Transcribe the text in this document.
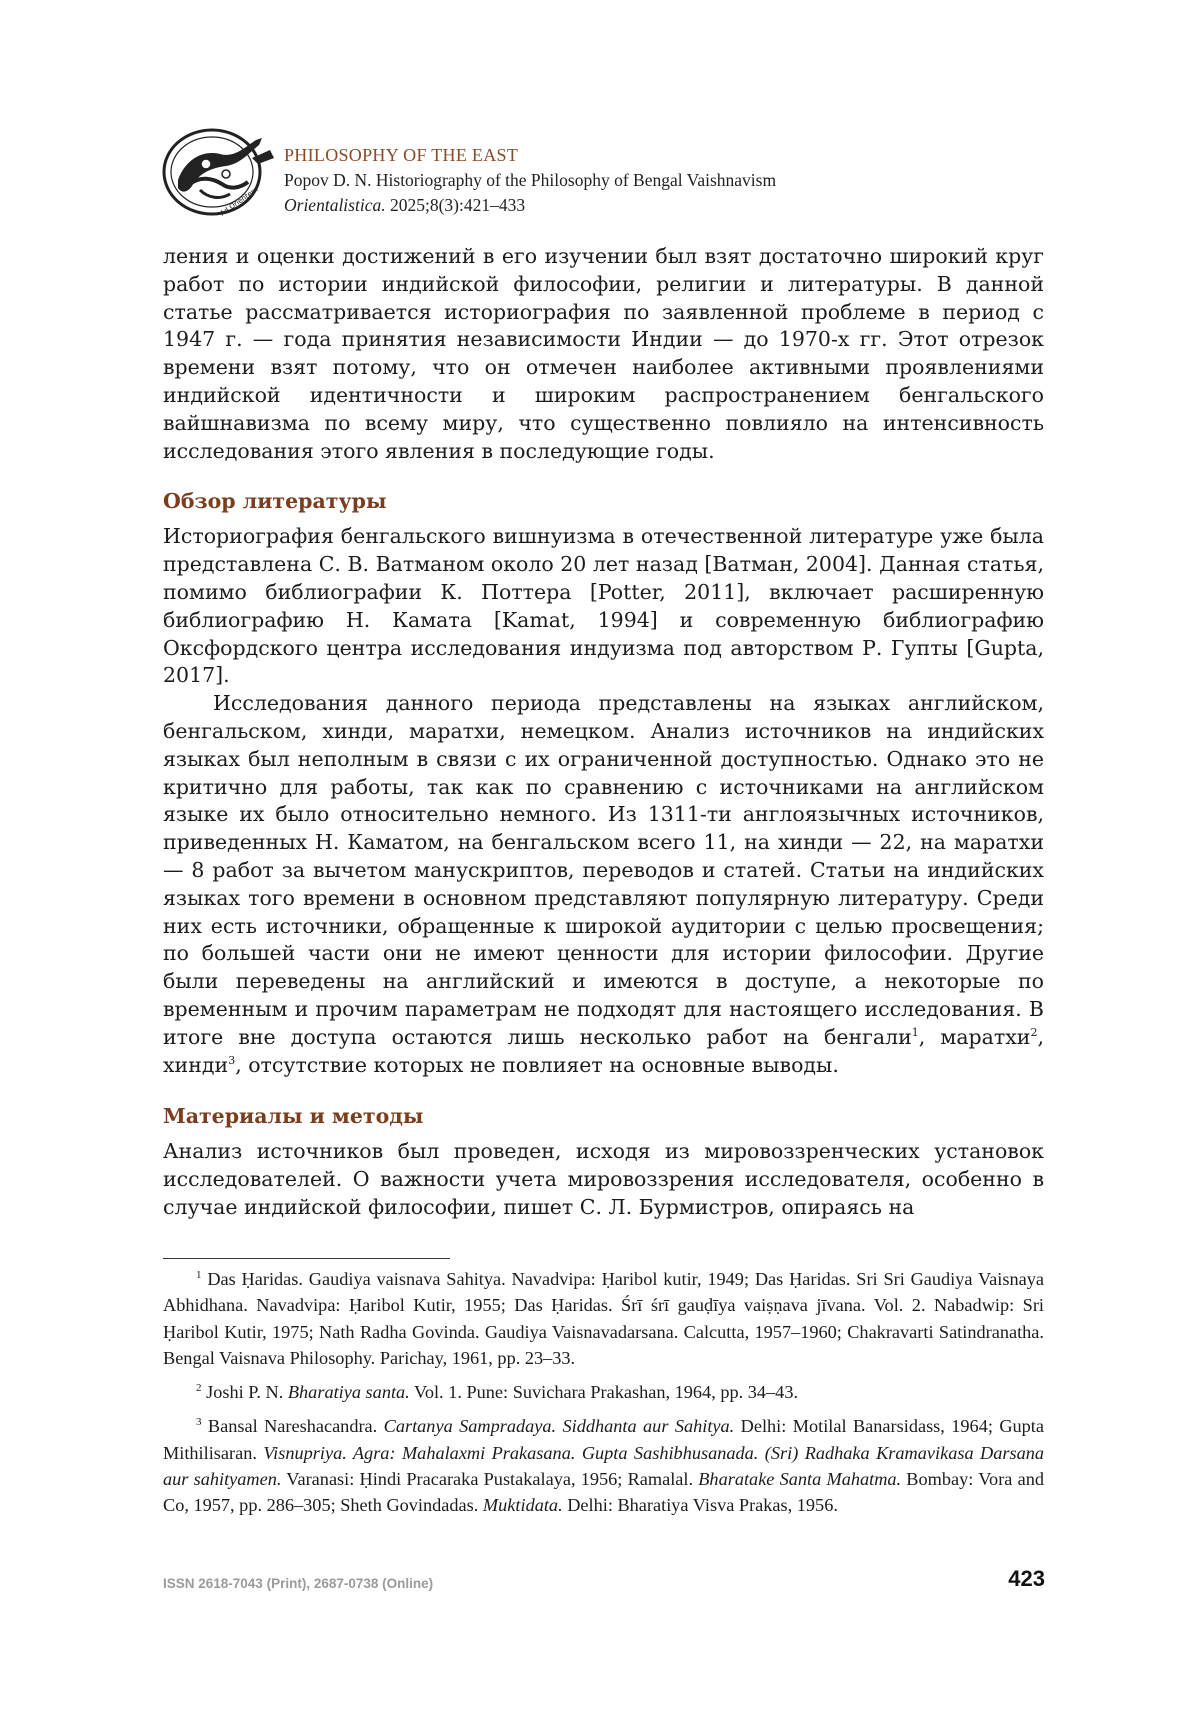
Ad Orientem
PHILOSOPHY OF THE EAST
Popov D. N. Historiography of the Philosophy of Bengal Vaishnavism
Orientalistica. 2025;8(3):421–433

ления и оценки достижений в его изучении был взят достаточно широкий круг работ по истории индийской философии, религии и литературы. В данной статье рассматривается историография по заявленной проблеме в период с 1947 г. — года принятия независимости Индии — до 1970-х гг. Этот отрезок времени взят потому, что он отмечен наиболее активными проявлениями индийской идентичности и широким распространением бенгальского вайшнавизма по всему миру, что существенно повлияло на интенсивность исследования этого явления в последующие годы.

Обзор литературы

Историография бенгальского вишнуизма в отечественной литературе уже была представлена С. В. Ватманом около 20 лет назад [Ватман, 2004]. Данная статья, помимо библиографии К. Поттера [Potter, 2011], включает расширенную библиографию Н. Камата [Kamat, 1994] и современную библиографию Оксфордского центра исследования индуизма под авторством Р. Гупты [Gupta, 2017].

Исследования данного периода представлены на языках английском, бенгальском, хинди, маратхи, немецком. Анализ источников на индийских языках был неполным в связи с их ограниченной доступностью. Однако это не критично для работы, так как по сравнению с источниками на английском языке их было относительно немного. Из 1311-ти англоязычных источников, приведенных Н. Каматом, на бенгальском всего 11, на хинди — 22, на маратхи — 8 работ за вычетом манускриптов, переводов и статей. Статьи на индийских языках того времени в основном представляют популярную литературу. Среди них есть источники, обращенные к широкой аудитории с целью просвещения; по большей части они не имеют ценности для истории философии. Другие были переведены на английский и имеются в доступе, а некоторые по временным и прочим параметрам не подходят для настоящего исследования. В итоге вне доступа остаются лишь несколько работ на бенгали$^1$, маратхи$^2$, хинди$^3$, отсутствие которых не повлияет на основные выводы.

Материалы и методы

Анализ источников был проведен, исходя из мировоззренческих установок исследователей. О важности учета мировоззрения исследователя, особенно в случае индийской философии, пишет С. Л. Бурмистров, опираясь на

$^1$ Das Ḥaridas. Gaudiya vaisnava Sahitya. Navadvipa: Ḥaribol kutir, 1949; Das Ḥaridas. Sri Sri Gaudiya Vaisnaya Abhidhana. Navadvipa: Ḥaribol Kutir, 1955; Das Ḥaridas. Śrī śrī gauḍīya vaiṣṇava jīvana. Vol. 2. Nabadwip: Sri Ḥaribol Kutir, 1975; Nath Radha Govinda. Gaudiya Vaisnavadarsana. Calcutta, 1957–1960; Chakravarti Satindranatha. Bengal Vaisnava Philosophy. Parichay, 1961, pp. 23–33.

$^2$ Joshi P. N. Bharatiya santa. Vol. 1. Pune: Suvichara Prakashan, 1964, pp. 34–43.

$^3$ Bansal Nareshacandra. Cartanya Sampradaya. Siddhanta aur Sahitya. Delhi: Motilal Banarsidass, 1964; Gupta Mithilisaran. Visnupriya. Agra: Mahalaxmi Prakasana. Gupta Sashibhusanada. (Sri) Radhaka Kramavikasa Darsana aur sahityamen. Varanasi: Ḥindi Pracaraka Pustakalaya, 1956; Ramalal. Bharatake Santa Mahatma. Bombay: Vora and Co, 1957, pp. 286–305; Sheth Govindadas. Muktidata. Delhi: Bharatiya Visva Prakas, 1956.

ISSN 2618-7043 (Print), 2687-0738 (Online)	423
